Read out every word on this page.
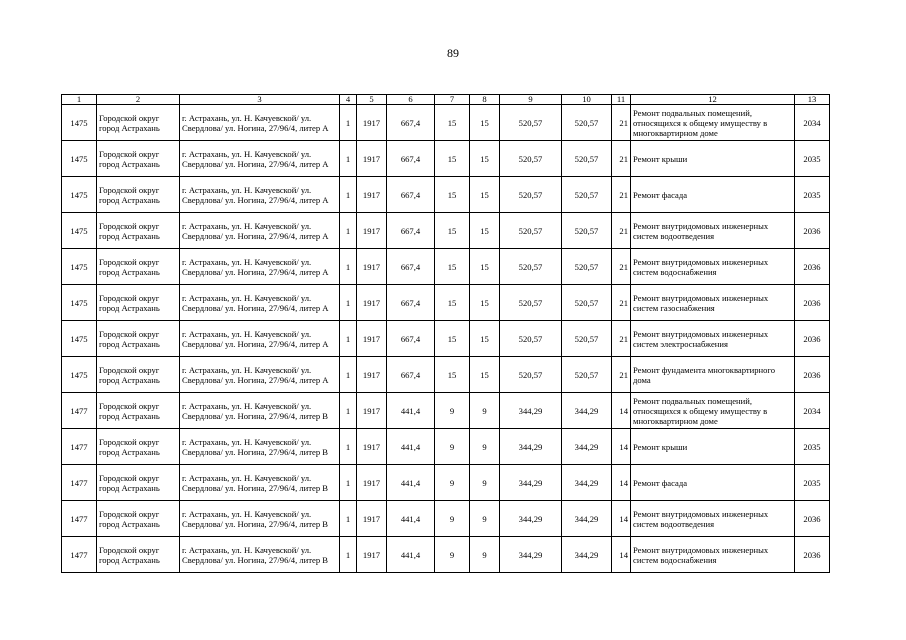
89
1	2	3	4	5	6	7	8	9	10	11	12	13
1475	Городской округ город Астрахань	г. Астрахань, ул. Н. Качуевской/ ул. Свердлова/ ул. Ногина, 27/96/4, литер А	1	1917	667,4	15	15	520,57	520,57	21	Ремонт подвальных помещений, относящихся к общему имуществу в многоквартирном доме	2034
1475	Городской округ город Астрахань	г. Астрахань, ул. Н. Качуевской/ ул. Свердлова/ ул. Ногина, 27/96/4, литер А	1	1917	667,4	15	15	520,57	520,57	21	Ремонт крыши	2035
1475	Городской округ город Астрахань	г. Астрахань, ул. Н. Качуевской/ ул. Свердлова/ ул. Ногина, 27/96/4, литер А	1	1917	667,4	15	15	520,57	520,57	21	Ремонт фасада	2035
1475	Городской округ город Астрахань	г. Астрахань, ул. Н. Качуевской/ ул. Свердлова/ ул. Ногина, 27/96/4, литер А	1	1917	667,4	15	15	520,57	520,57	21	Ремонт внутридомовых инженерных систем водоотведения	2036
1475	Городской округ город Астрахань	г. Астрахань, ул. Н. Качуевской/ ул. Свердлова/ ул. Ногина, 27/96/4, литер А	1	1917	667,4	15	15	520,57	520,57	21	Ремонт внутридомовых инженерных систем водоснабжения	2036
1475	Городской округ город Астрахань	г. Астрахань, ул. Н. Качуевской/ ул. Свердлова/ ул. Ногина, 27/96/4, литер А	1	1917	667,4	15	15	520,57	520,57	21	Ремонт внутридомовых инженерных систем газоснабжения	2036
1475	Городской округ город Астрахань	г. Астрахань, ул. Н. Качуевской/ ул. Свердлова/ ул. Ногина, 27/96/4, литер А	1	1917	667,4	15	15	520,57	520,57	21	Ремонт внутридомовых инженерных систем электроснабжения	2036
1475	Городской округ город Астрахань	г. Астрахань, ул. Н. Качуевской/ ул. Свердлова/ ул. Ногина, 27/96/4, литер А	1	1917	667,4	15	15	520,57	520,57	21	Ремонт фундамента многоквартирного дома	2036
1477	Городской округ город Астрахань	г. Астрахань, ул. Н. Качуевской/ ул. Свердлова/ ул. Ногина, 27/96/4, литер В	1	1917	441,4	9	9	344,29	344,29	14	Ремонт подвальных помещений, относящихся к общему имуществу в многоквартирном доме	2034
1477	Городской округ город Астрахань	г. Астрахань, ул. Н. Качуевской/ ул. Свердлова/ ул. Ногина, 27/96/4, литер В	1	1917	441,4	9	9	344,29	344,29	14	Ремонт крыши	2035
1477	Городской округ город Астрахань	г. Астрахань, ул. Н. Качуевской/ ул. Свердлова/ ул. Ногина, 27/96/4, литер В	1	1917	441,4	9	9	344,29	344,29	14	Ремонт фасада	2035
1477	Городской округ город Астрахань	г. Астрахань, ул. Н. Качуевской/ ул. Свердлова/ ул. Ногина, 27/96/4, литер В	1	1917	441,4	9	9	344,29	344,29	14	Ремонт внутридомовых инженерных систем водоотведения	2036
1477	Городской округ город Астрахань	г. Астрахань, ул. Н. Качуевской/ ул. Свердлова/ ул. Ногина, 27/96/4, литер В	1	1917	441,4	9	9	344,29	344,29	14	Ремонт внутридомовых инженерных систем водоснабжения	2036
